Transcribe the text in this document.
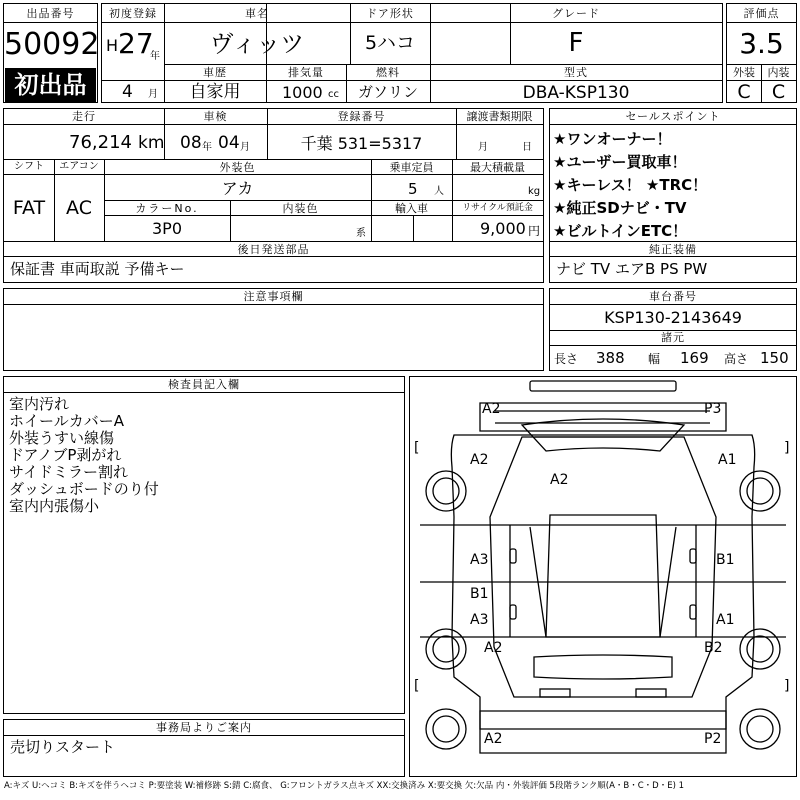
出品番号
50092
初出品
初度登録
H 27
年
4 月
車名
ヴィッツ
ドア形状
5ハコ
グレード
F
車歴
自家用
排気量
1000 cc
燃料
ガソリン
型式
DBA-KSP130
評価点
3.5
外装	内装
C	C
走行
76,214 km
車検
08 年 04 月
登録番号
千葉 531=5317
譲渡書類期限
月	日
シフト
FAT
エアコン
AC
外装色
アカ
乗車定員
5 人
最大積載量
kg
カラーNo.
3P0
内装色
系
輸入車	リサイクル預託金
9,000 円
後日発送部品
保証書 車両取説 予備キー
セールスポイント
★ワンオーナー！
★ユーザー買取車！
★キーレス！ ★TRC！
★純正SDナビ・TV
★ビルトインETC！
純正装備
ナビ TV エアB PS PW
注意事項欄	車台番号
KSP130-2143649
諸元
長さ 388 幅 169 高さ 150
検査員記入欄
室内汚れ
ホイールカバーA
外装うすい線傷
ドアノブP剥がれ
サイドミラー割れ
ダッシュボードのり付
室内内張傷小
事務局よりご案内
売切りスタート
A2	P3
[	]
A2
A2
A1
A3	B1
B1
A3	A1
A2	B2
[	]
A2	P2
A:キズ U:ヘコミ B:キズを伴うヘコミ P:要塗装 W:補修跡 S:錆 C:腐食、 G:フロントガラス点キズ XX:交換済み X:要交換 欠:欠品 内・外装評価 5段階ランク順(A・B・C・D・E) 1
